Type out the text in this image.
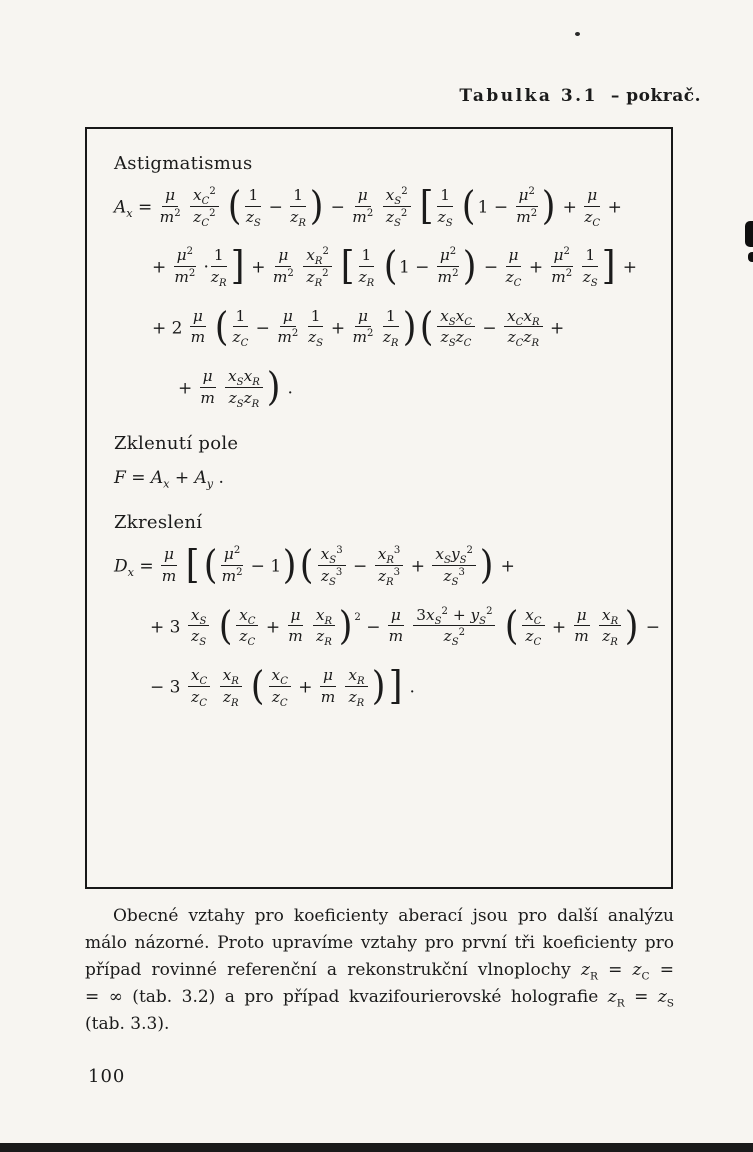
Tabulka 3.1 – pokrač.
Astigmatismus
$A_x = \frac{\mu}{m^2}$
$\frac{x_C^2}{z_C^2}$ ( $\frac{1}{z_S} - \frac{1}{z_R}$ ) − $\frac{\mu}{m^2}$
$\frac{x_S^2}{z_S^2}$ [ $\frac{1}{z_S}$ ( $1 - \frac{\mu^2}{m^2}$ ) + $\frac{\mu}{z_C}$ +
+ $\frac{\mu^2}{m^2} \cdot \frac{1}{z_R}$ ] + $\frac{\mu}{m^2}$
$\frac{x_R^2}{z_R^2}$ [ $\frac{1}{z_R}$ ( $1 - \frac{\mu^2}{m^2}$ ) − $\frac{\mu}{z_C} + \frac{\mu^2}{m^2}$
$\frac{1}{z_S}$ ] +
+ $2 \frac{\mu}{m}$ ( $\frac{1}{z_C} - \frac{\mu}{m^2}$
$\frac{1}{z_S} + \frac{\mu}{m^2}$
$\frac{1}{z_R}$ )( $\frac{x_Sx_C}{z_Sz_C} - \frac{x_Cx_R}{z_Cz_R}$ +
+ $\frac{\mu}{m}$
$\frac{x_Sx_R}{z_Sz_R}$ ) .
Zklenutí pole
$F = A_x + A_y$ .
Zkreslení
$D_x = \frac{\mu}{m}$ [( $\frac{\mu^2}{m^2} - 1)( \frac{x_S^3}{z_S^3} - \frac{x_R^3}{z_R^3} + \frac{x_Sy_S^2}{z_S^3}$ ) +
+ $3 \frac{x_S}{z_S}$ ( $\frac{x_C}{z_C} + \frac{\mu}{m}$
$\frac{x_R}{z_R}$ ) $^2 - \frac{\mu}{m}$
$\frac{3x_S^2 + y_S^2}{z_S^2}$ ( $\frac{x_C}{z_C} + \frac{\mu}{m}$
$\frac{x_R}{z_R}$ ) −
− $3 \frac{x_C}{z_C}$
$\frac{x_R}{z_R}$ ( $\frac{x_C}{z_C} + \frac{\mu}{m}$
$\frac{x_R}{z_R}$ )] .
Obecné vztahy pro koeficienty aberací jsou pro další analýzu
málo názorné. Proto upravíme vztahy pro první tři koeficienty pro
případ rovinné referenční a rekonstrukční vlnoplochy $z_R = z_C$ =
= ∞ (tab. 3.2) a pro případ kvazifourierovské holografie $z_R = z_S$
(tab. 3.3).
100
